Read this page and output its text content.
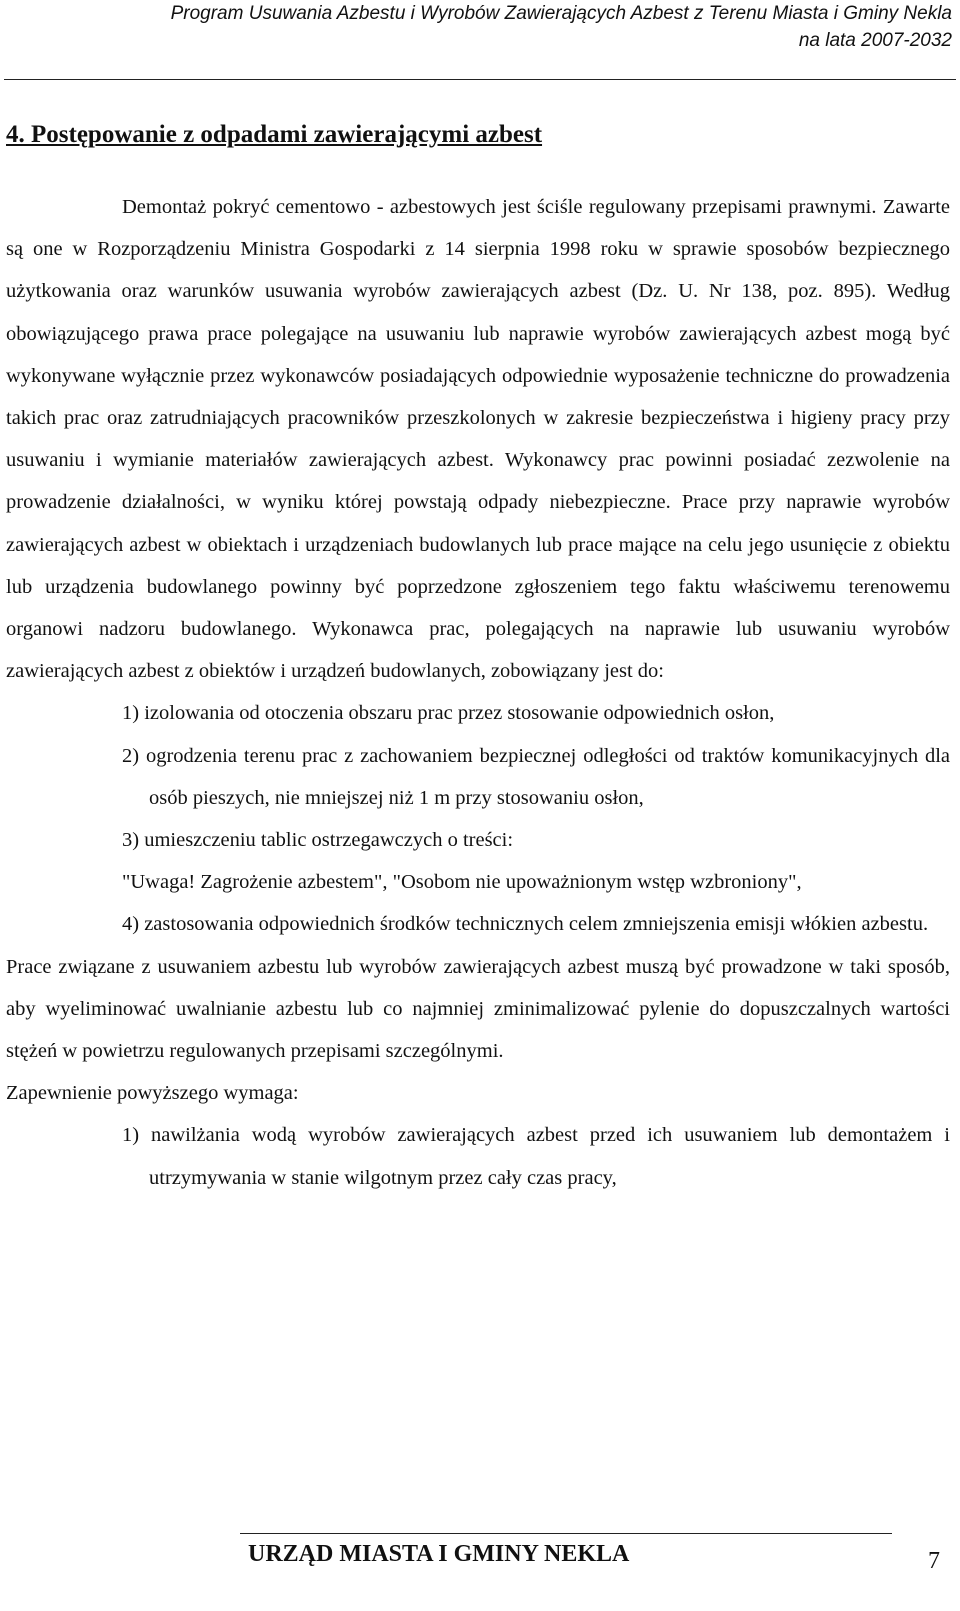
Program Usuwania Azbestu i Wyrobów Zawierających Azbest z Terenu Miasta i Gminy Nekla
na lata 2007-2032
4. Postępowanie z odpadami zawierającymi azbest

Demontaż pokryć cementowo - azbestowych jest ściśle regulowany przepisami prawnymi. Zawarte są one w Rozporządzeniu Ministra Gospodarki z 14 sierpnia 1998 roku w sprawie sposobów bezpiecznego użytkowania oraz warunków usuwania wyrobów zawierających azbest (Dz. U. Nr 138, poz. 895). Według obowiązującego prawa prace polegające na usuwaniu lub naprawie wyrobów zawierających azbest mogą być wykonywane wyłącznie przez wykonawców posiadających odpowiednie wyposażenie techniczne do prowadzenia takich prac oraz zatrudniających pracowników przeszkolonych w zakresie bezpieczeństwa i higieny pracy przy usuwaniu i wymianie materiałów zawierających azbest. Wykonawcy prac powinni posiadać zezwolenie na prowadzenie działalności, w wyniku której powstają odpady niebezpieczne. Prace przy naprawie wyrobów zawierających azbest w obiektach i urządzeniach budowlanych lub prace mające na celu jego usunięcie z obiektu lub urządzenia budowlanego powinny być poprzedzone zgłoszeniem tego faktu właściwemu terenowemu organowi nadzoru budowlanego. Wykonawca prac, polegających na naprawie lub usuwaniu wyrobów zawierających azbest z obiektów i urządzeń budowlanych, zobowiązany jest do:

1) izolowania od otoczenia obszaru prac przez stosowanie odpowiednich osłon,

2) ogrodzenia terenu prac z zachowaniem bezpiecznej odległości od traktów komunikacyjnych dla osób pieszych, nie mniejszej niż 1 m przy stosowaniu osłon,

3) umieszczeniu tablic ostrzegawczych o treści:

"Uwaga! Zagrożenie azbestem", "Osobom nie upoważnionym wstęp wzbroniony",

4) zastosowania odpowiednich środków technicznych celem zmniejszenia emisji włókien azbestu.

Prace związane z usuwaniem azbestu lub wyrobów zawierających azbest muszą być prowadzone w taki sposób, aby wyeliminować uwalnianie azbestu lub co najmniej zminimalizować pylenie do dopuszczalnych wartości stężeń w powietrzu regulowanych przepisami szczególnymi.

Zapewnienie powyższego wymaga:

1) nawilżania wodą wyrobów zawierających azbest przed ich usuwaniem lub demontażem i utrzymywania w stanie wilgotnym przez cały czas pracy,

URZĄD MIASTA I GMINY NEKLA	7
